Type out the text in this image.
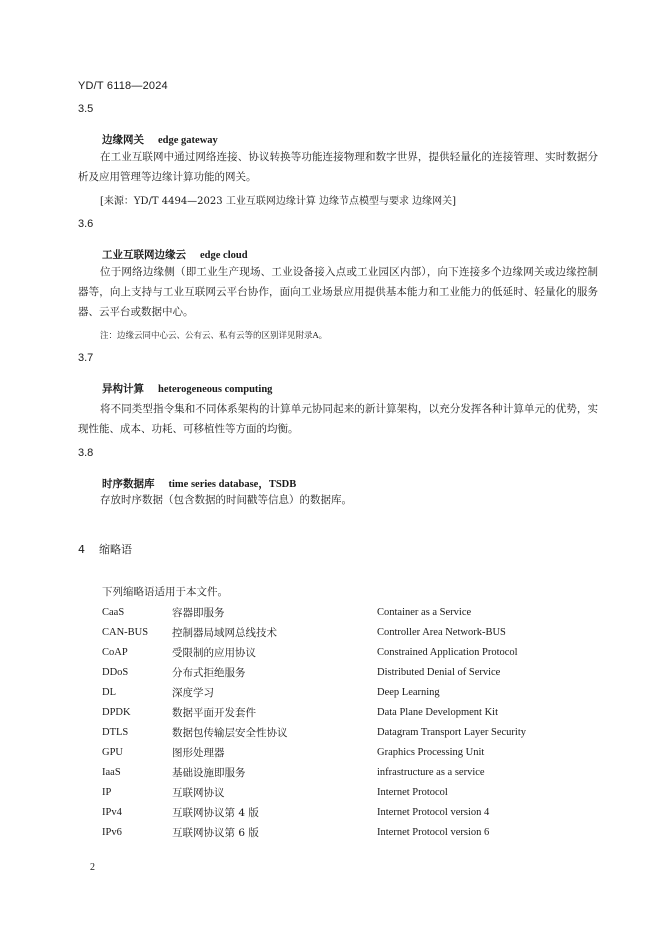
YD/T 6118—2024
3.5
边缘网关 edge gateway
在工业互联网中通过网络连接、协议转换等功能连接物理和数字世界，提供轻量化的连接管理、实时数据分析及应用管理等边缘计算功能的网关。
[来源：YD/T 4494—2023 工业互联网边缘计算 边缘节点模型与要求 边缘网关]
3.6
工业互联网边缘云 edge cloud
位于网络边缘侧（即工业生产现场、工业设备接入点或工业园区内部），向下连接多个边缘网关或边缘控制器等，向上支持与工业互联网云平台协作，面向工业场景应用提供基本能力和工业能力的低延时、轻量化的服务器、云平台或数据中心。
注：边缘云同中心云、公有云、私有云等的区别详见附录A。
3.7
异构计算 heterogeneous computing
将不同类型指令集和不同体系架构的计算单元协同起来的新计算架构，以充分发挥各种计算单元的优势，实现性能、成本、功耗、可移植性等方面的均衡。
3.8
时序数据库 time series database，TSDB
存放时序数据（包含数据的时间戳等信息）的数据库。
4 缩略语
下列缩略语适用于本文件。
CaaS	容器即服务	Container as a Service
CAN-BUS 控制器局域网总线技术	Controller Area Network-BUS
CoAP	受限制的应用协议	Constrained Application Protocol
DDoS	分布式拒绝服务	Distributed Denial of Service
DL	深度学习	Deep Learning
DPDK	数据平面开发套件	Data Plane Development Kit
DTLS	数据包传输层安全性协议	Datagram Transport Layer Security
GPU	图形处理器	Graphics Processing Unit
IaaS	基础设施即服务	infrastructure as a service
IP	互联网协议	Internet Protocol
IPv4	互联网协议第 4 版	Internet Protocol version 4
IPv6	互联网协议第 6 版	Internet Protocol version 6
2
